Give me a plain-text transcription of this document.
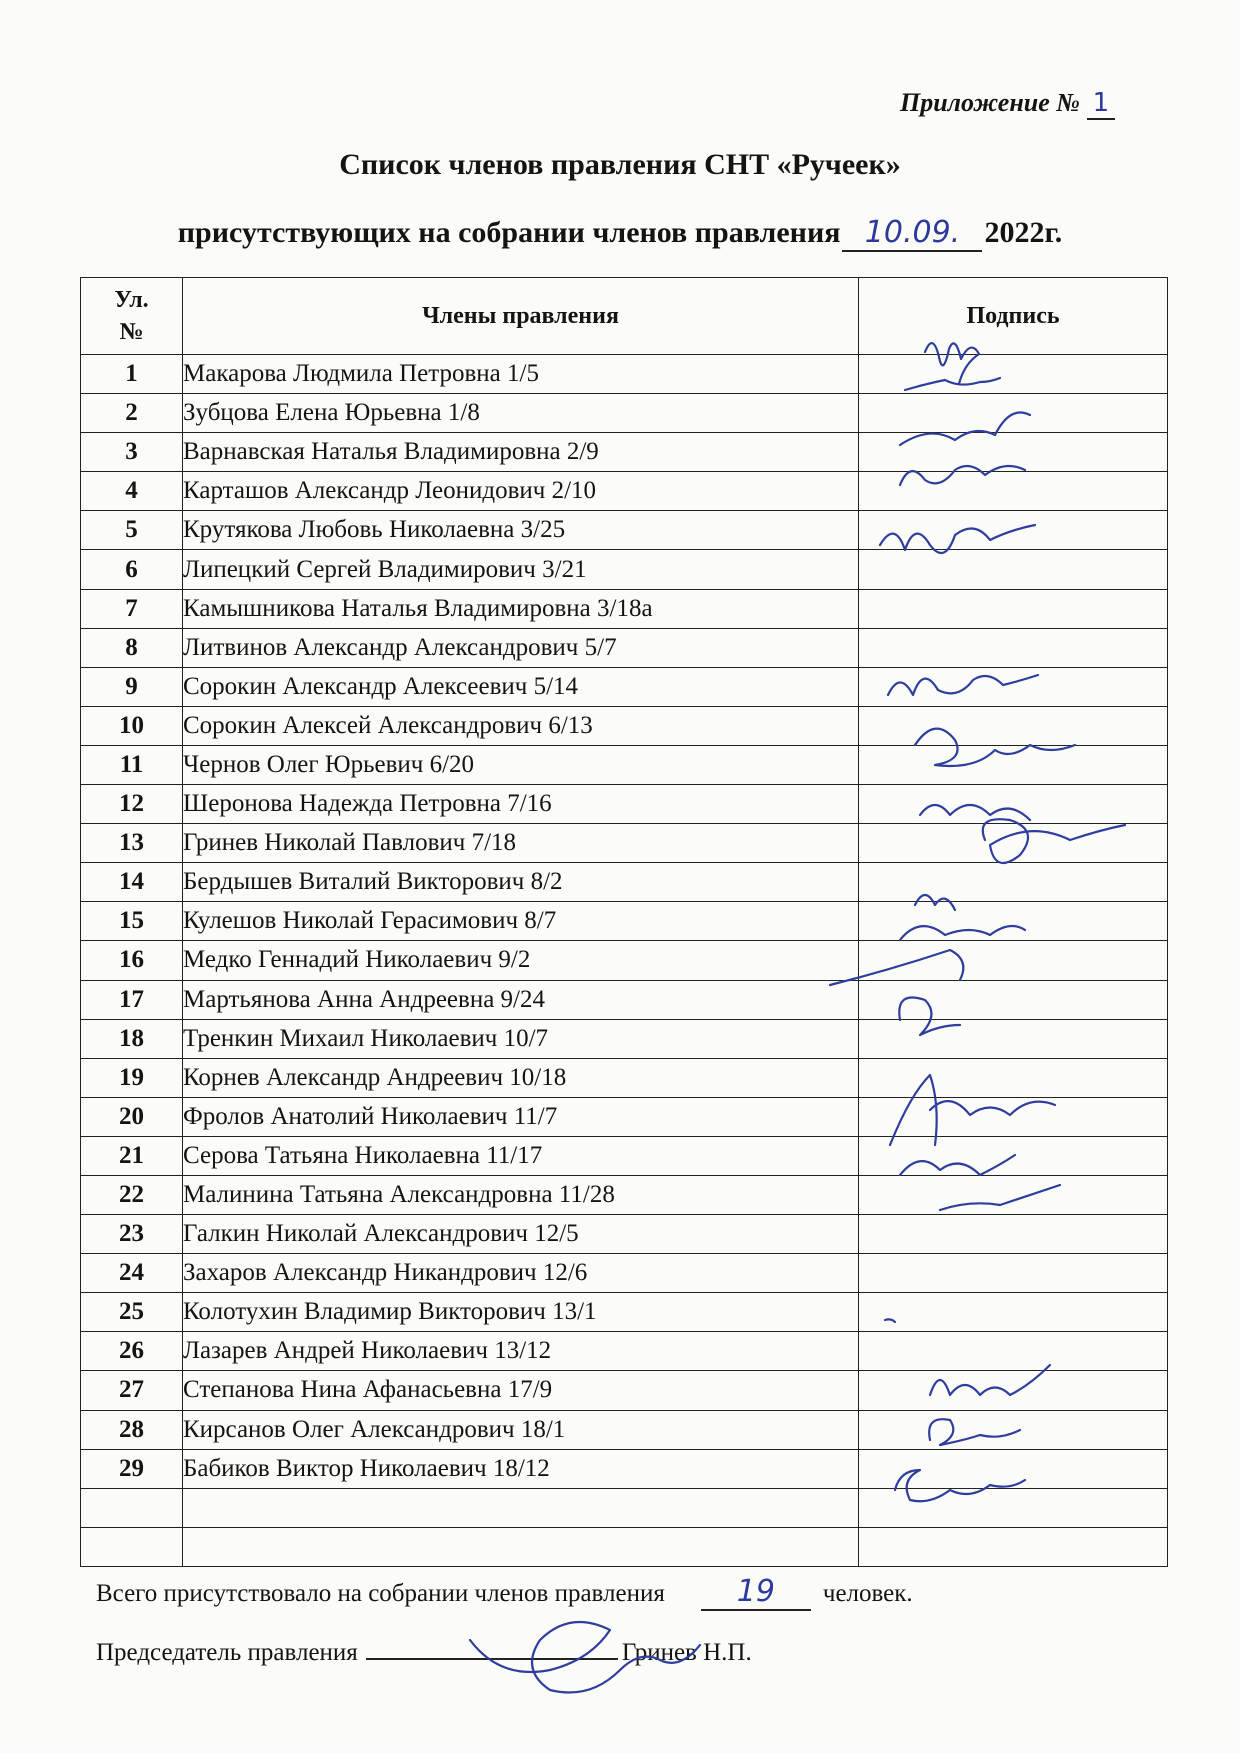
Приложение № 1
Список членов правления СНТ «Ручеек»
присутствующих на собрании членов правления 10.09. 2022г.
Ул.
№	Члены правления	Подпись
1	Макарова Людмила Петровна 1/5	
2	Зубцова Елена Юрьевна 1/8	
3	Варнавская Наталья Владимировна 2/9	
4	Карташов Александр Леонидович 2/10	
5	Крутякова Любовь Николаевна 3/25	
6	Липецкий Сергей Владимирович 3/21	
7	Камышникова Наталья Владимировна 3/18а	
8	Литвинов Александр Александрович 5/7	
9	Сорокин Александр Алексеевич 5/14	
10	Сорокин Алексей Александрович 6/13	
11	Чернов Олег Юрьевич 6/20	
12	Шеронова Надежда Петровна 7/16	
13	Гринев Николай Павлович 7/18	
14	Бердышев Виталий Викторович 8/2	
15	Кулешов Николай Герасимович 8/7	
16	Медко Геннадий Николаевич 9/2	
17	Мартьянова Анна Андреевна 9/24	
18	Тренкин Михаил Николаевич 10/7	
19	Корнев Александр Андреевич 10/18	
20	Фролов Анатолий Николаевич 11/7	
21	Серова Татьяна Николаевна 11/17	
22	Малинина Татьяна Александровна 11/28	
23	Галкин Николай Александрович 12/5	
24	Захаров Александр Никандрович 12/6	
25	Колотухин Владимир Викторович 13/1	
26	Лазарев Андрей Николаевич 13/12	
27	Степанова Нина Афанасьевна 17/9	
28	Кирсанов Олег Александрович 18/1	
29	Бабиков Виктор Николаевич 18/12	

Всего присутствовало на собрании членов правления 19 человек.
Председатель правления	Гринев Н.П.
